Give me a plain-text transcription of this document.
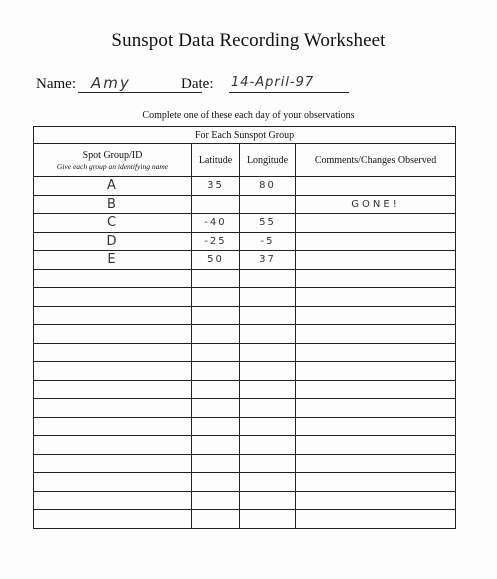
Sunspot Data Recording Worksheet
Name: Amy	Date: 14-April-97
Complete one of these each day of your observations
For Each Sunspot Group			
Spot Group/ID
Give each group an identifying name	Latitude	Longitude	Comments/Changes Observed
A	35	80	
B			GONE!
C	-40	55	
D	-25	-5	
E	50	37	
